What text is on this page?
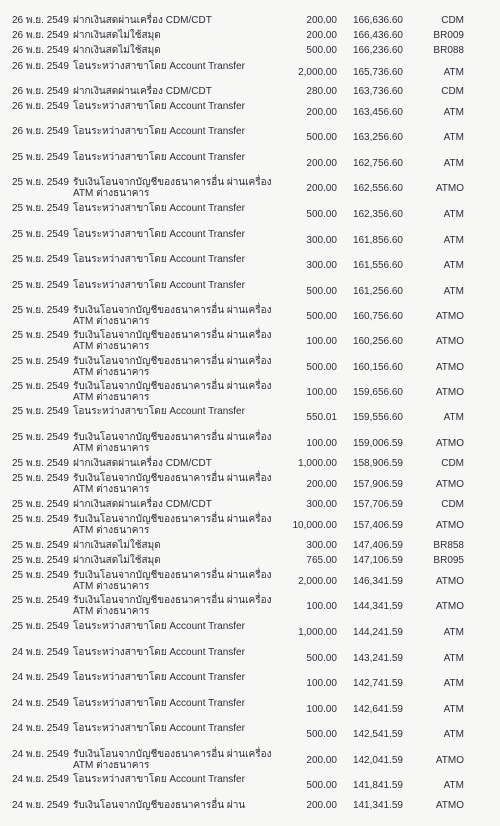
26 พ.ย. 2549 ฝากเงินสดผ่านเครื่อง CDM/CDT	200.00	166,636.60	CDM
26 พ.ย. 2549 ฝากเงินสดไม่ใช้สมุด	200.00	166,436.60	BR009
26 พ.ย. 2549 ฝากเงินสดไม่ใช้สมุด	500.00	166,236.60	BR088
26 พ.ย. 2549 โอนระหว่างสาขาโดย Account Transfer
2,000.00	165,736.60	ATM
26 พ.ย. 2549 ฝากเงินสดผ่านเครื่อง CDM/CDT	280.00	163,736.60	CDM
26 พ.ย. 2549 โอนระหว่างสาขาโดย Account Transfer
200.00	163,456.60	ATM
26 พ.ย. 2549 โอนระหว่างสาขาโดย Account Transfer
500.00	163,256.60	ATM
25 พ.ย. 2549 โอนระหว่างสาขาโดย Account Transfer
200.00	162,756.60	ATM
25 พ.ย. 2549 รับเงินโอนจากบัญชีของธนาคารอื่น ผ่านเครื่อง ATM ต่างธนาคาร	200.00	162,556.60	ATMO
25 พ.ย. 2549 โอนระหว่างสาขาโดย Account Transfer
500.00	162,356.60	ATM
25 พ.ย. 2549 โอนระหว่างสาขาโดย Account Transfer
300.00	161,856.60	ATM
25 พ.ย. 2549 โอนระหว่างสาขาโดย Account Transfer
300.00	161,556.60	ATM
25 พ.ย. 2549 โอนระหว่างสาขาโดย Account Transfer
500.00	161,256.60	ATM
25 พ.ย. 2549 รับเงินโอนจากบัญชีของธนาคารอื่น ผ่านเครื่อง ATM ต่างธนาคาร	500.00	160,756.60	ATMO
25 พ.ย. 2549 รับเงินโอนจากบัญชีของธนาคารอื่น ผ่านเครื่อง ATM ต่างธนาคาร	100.00	160,256.60	ATMO
25 พ.ย. 2549 รับเงินโอนจากบัญชีของธนาคารอื่น ผ่านเครื่อง ATM ต่างธนาคาร	500.00	160,156.60	ATMO
25 พ.ย. 2549 รับเงินโอนจากบัญชีของธนาคารอื่น ผ่านเครื่อง ATM ต่างธนาคาร	100.00	159,656.60	ATMO
25 พ.ย. 2549 โอนระหว่างสาขาโดย Account Transfer
550.01	159,556.60	ATM
25 พ.ย. 2549 รับเงินโอนจากบัญชีของธนาคารอื่น ผ่านเครื่อง ATM ต่างธนาคาร	100.00	159,006.59	ATMO
25 พ.ย. 2549 ฝากเงินสดผ่านเครื่อง CDM/CDT	1,000.00	158,906.59	CDM
25 พ.ย. 2549 รับเงินโอนจากบัญชีของธนาคารอื่น ผ่านเครื่อง ATM ต่างธนาคาร	200.00	157,906.59	ATMO
25 พ.ย. 2549 ฝากเงินสดผ่านเครื่อง CDM/CDT	300.00	157,706.59	CDM
25 พ.ย. 2549 รับเงินโอนจากบัญชีของธนาคารอื่น ผ่านเครื่อง ATM ต่างธนาคาร	10,000.00	157,406.59	ATMO
25 พ.ย. 2549 ฝากเงินสดไม่ใช้สมุด	300.00	147,406.59	BR858
25 พ.ย. 2549 ฝากเงินสดไม่ใช้สมุด	765.00	147,106.59	BR095
25 พ.ย. 2549 รับเงินโอนจากบัญชีของธนาคารอื่น ผ่านเครื่อง ATM ต่างธนาคาร	2,000.00	146,341.59	ATMO
25 พ.ย. 2549 รับเงินโอนจากบัญชีของธนาคารอื่น ผ่านเครื่อง ATM ต่างธนาคาร	100.00	144,341.59	ATMO
25 พ.ย. 2549 โอนระหว่างสาขาโดย Account Transfer
1,000.00	144,241.59	ATM
24 พ.ย. 2549 โอนระหว่างสาขาโดย Account Transfer
500.00	143,241.59	ATM
24 พ.ย. 2549 โอนระหว่างสาขาโดย Account Transfer
100.00	142,741.59	ATM
24 พ.ย. 2549 โอนระหว่างสาขาโดย Account Transfer
100.00	142,641.59	ATM
24 พ.ย. 2549 โอนระหว่างสาขาโดย Account Transfer
500.00	142,541.59	ATM
24 พ.ย. 2549 รับเงินโอนจากบัญชีของธนาคารอื่น ผ่านเครื่อง ATM ต่างธนาคาร	200.00	142,041.59	ATMO
24 พ.ย. 2549 โอนระหว่างสาขาโดย Account Transfer
500.00	141,841.59	ATM
24 พ.ย. 2549 รับเงินโอนจากบัญชีของธนาคารอื่น ผ่าน	200.00	141,341.59	ATMO
